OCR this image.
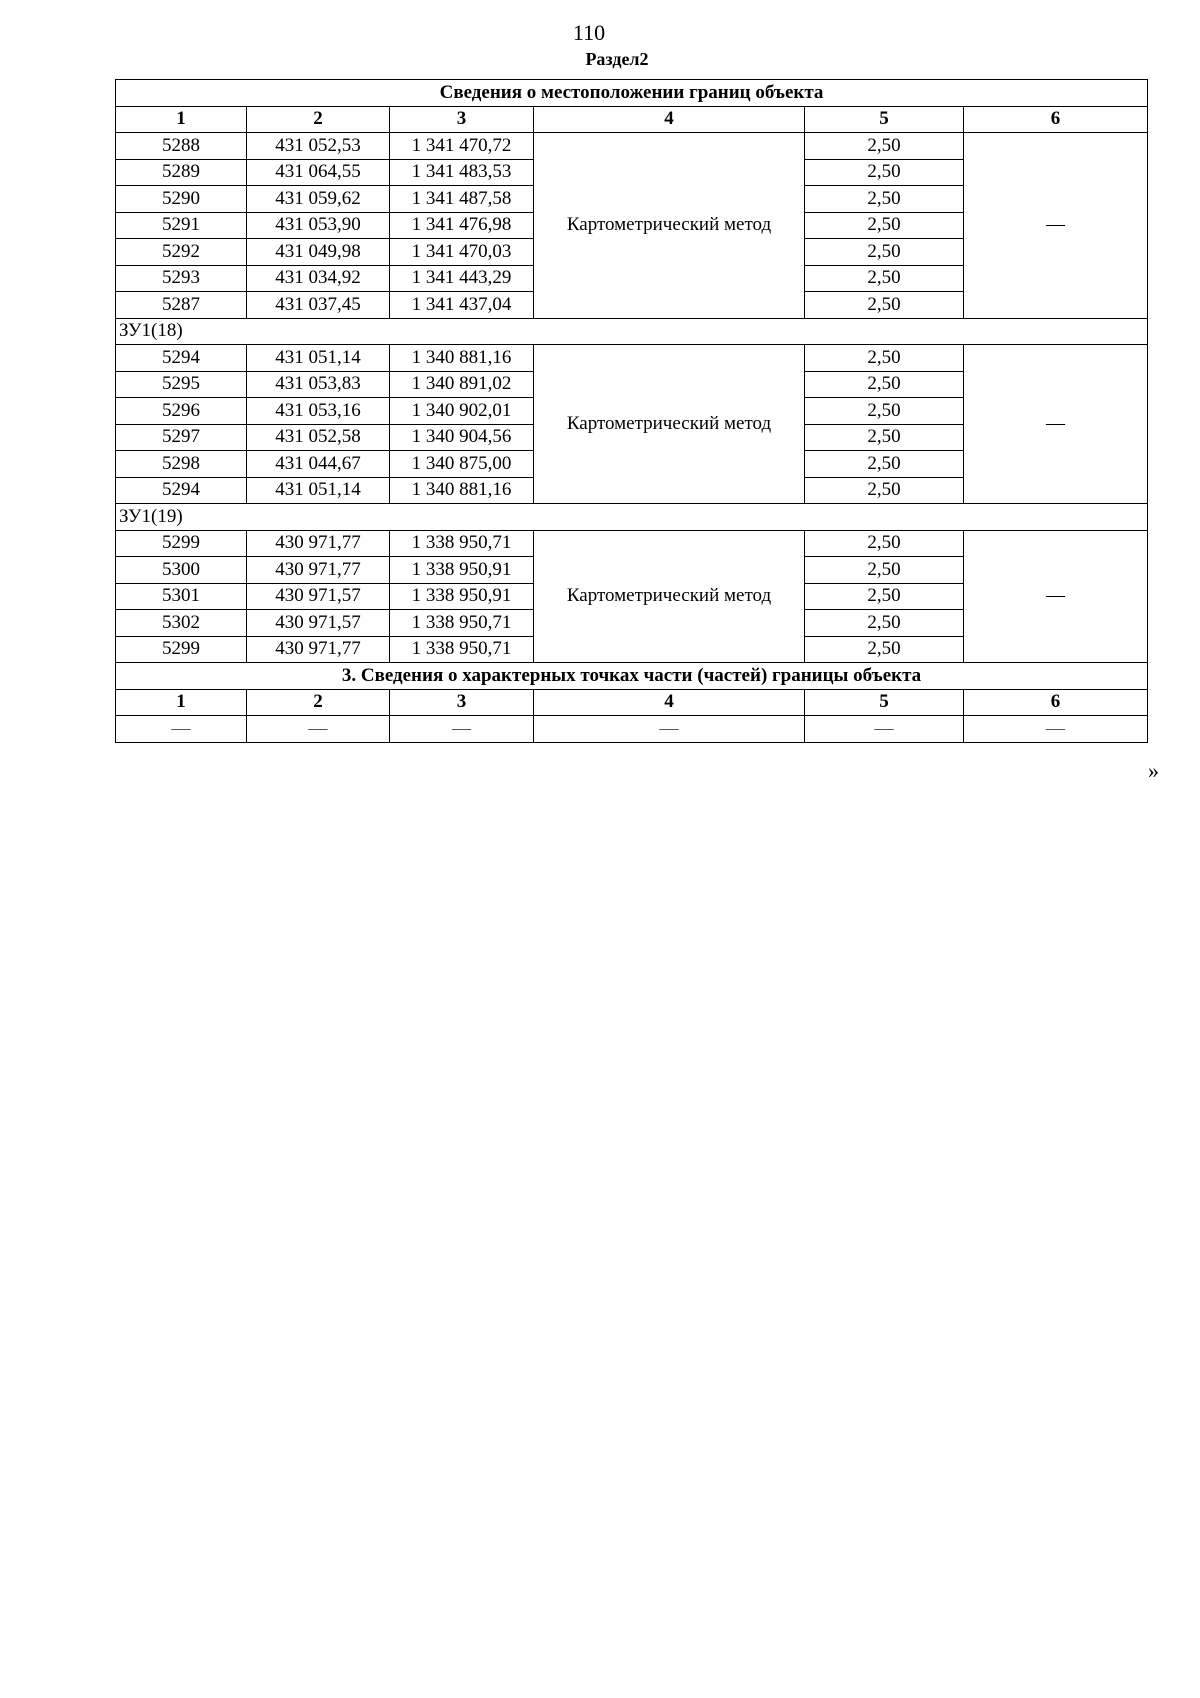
110
Раздел2
Сведения о местоположении границ объекта					
1	2	3	4	5	6
5288	431 052,53	1 341 470,72	Картометрический метод	2,50	—
5289	431 064,55	1 341 483,53		2,50	
5290	431 059,62	1 341 487,58		2,50	
5291	431 053,90	1 341 476,98		2,50	
5292	431 049,98	1 341 470,03		2,50	
5293	431 034,92	1 341 443,29		2,50	
5287	431 037,45	1 341 437,04		2,50	
ЗУ1(18)					
5294	431 051,14	1 340 881,16	Картометрический метод	2,50	—
5295	431 053,83	1 340 891,02		2,50	
5296	431 053,16	1 340 902,01		2,50	
5297	431 052,58	1 340 904,56		2,50	
5298	431 044,67	1 340 875,00		2,50	
5294	431 051,14	1 340 881,16		2,50	
ЗУ1(19)					
5299	430 971,77	1 338 950,71	Картометрический метод	2,50	—
5300	430 971,77	1 338 950,91		2,50	
5301	430 971,57	1 338 950,91		2,50	
5302	430 971,57	1 338 950,71		2,50	
5299	430 971,77	1 338 950,71		2,50	
3. Сведения о характерных точках части (частей) границы объекта					
1	2	3	4	5	6
—	—	—	—	—	—
»
